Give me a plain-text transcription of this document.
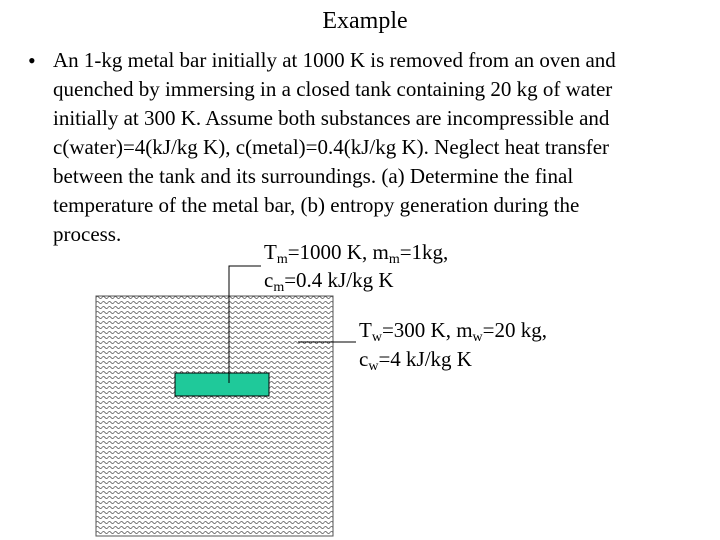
Example
• An 1-kg metal bar initially at 1000 K is removed from an oven and
quenched by immersing in a closed tank containing 20 kg of water
initially at 300 K. Assume both substances are incompressible and
c(water)=4(kJ/kg K), c(metal)=0.4(kJ/kg K). Neglect heat transfer
between the tank and its surroundings. (a) Determine the final
temperature of the metal bar, (b) entropy generation during the
process.
$T_m=1000$ K, $m_m=1kg$,
$c_m=0.4$ kJ/kg K
$T_w=300$ K, $m_w=20$ kg,
$c_w=4$ kJ/kg K
